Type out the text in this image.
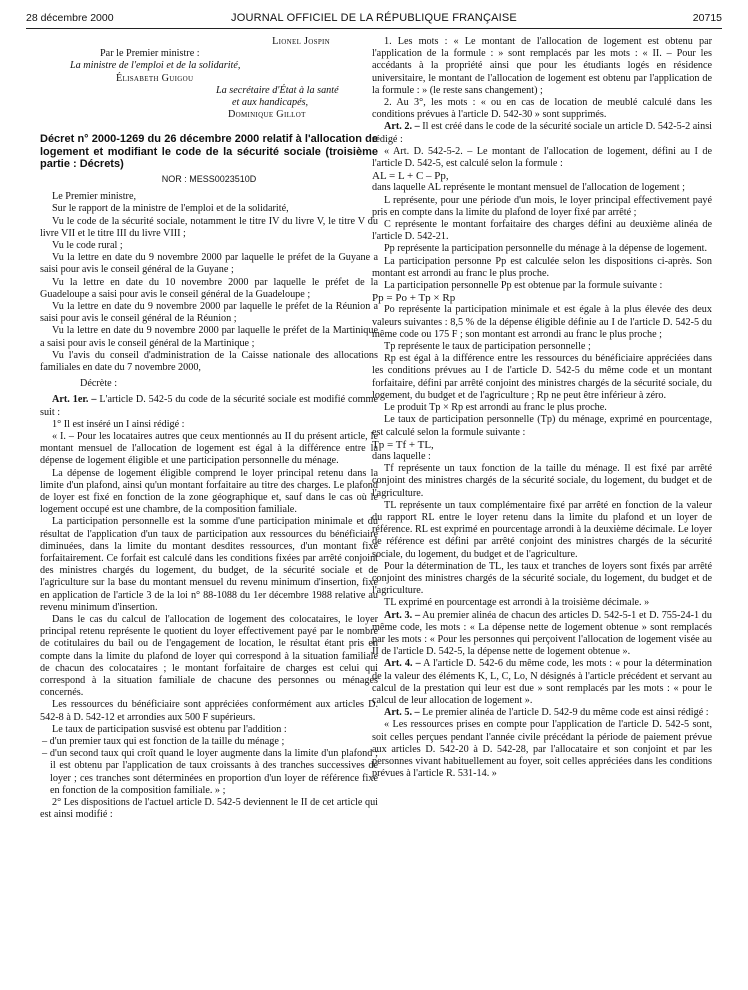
28 décembre 2000	JOURNAL OFFICIEL DE LA RÉPUBLIQUE FRANÇAISE	20715

Lionel Jospin

Par le Premier ministre :

La ministre de l'emploi et de la solidarité,

Élisabeth Guigou

La secrétaire d'État à la santé

et aux handicapés,

Dominique Gillot

Décret n° 2000-1269 du 26 décembre 2000 relatif à l'allocation de logement et modifiant le code de la sécurité sociale (troisième partie : Décrets)
NOR : MESS0023510D

Le Premier ministre,

Sur le rapport de la ministre de l'emploi et de la solidarité,

Vu le code de la sécurité sociale, notamment le titre IV du livre V, le titre V du livre VII et le titre III du livre VIII ;

Vu le code rural ;

Vu la lettre en date du 9 novembre 2000 par laquelle le préfet de la Guyane a saisi pour avis le conseil général de la Guyane ;

Vu la lettre en date du 10 novembre 2000 par laquelle le préfet de la Guadeloupe a saisi pour avis le conseil général de la Guadeloupe ;

Vu la lettre en date du 9 novembre 2000 par laquelle le préfet de la Réunion a saisi pour avis le conseil général de la Réunion ;

Vu la lettre en date du 9 novembre 2000 par laquelle le préfet de la Martinique a saisi pour avis le conseil général de la Martinique ;

Vu l'avis du conseil d'administration de la Caisse nationale des allocations familiales en date du 7 novembre 2000,

Décrète :

Art. 1er. – L'article D. 542-5 du code de la sécurité sociale est modifié comme suit :

1° Il est inséré un I ainsi rédigé :

« I. – Pour les locataires autres que ceux mentionnés au II du présent article, le montant mensuel de l'allocation de logement est égal à la différence entre la dépense de logement éligible et une participation personnelle du ménage.

La dépense de logement éligible comprend le loyer principal retenu dans la limite d'un plafond, ainsi qu'un montant forfaitaire au titre des charges. Le plafond de loyer est fixé en fonction de la zone géographique et, sauf dans le cas où le logement occupé est une chambre, de la composition familiale.

La participation personnelle est la somme d'une participation minimale et du résultat de l'application d'un taux de participation aux ressources du bénéficiaire diminuées, dans la limite du montant desdites ressources, d'un montant fixé forfaitairement. Ce forfait est calculé dans les conditions fixées par arrêté conjoint des ministres chargés du logement, du budget, de la sécurité sociale et de l'agriculture sur la base du montant mensuel du revenu minimum d'insertion, fixé en application de l'article 3 de la loi n° 88-1088 du 1er décembre 1988 relative au revenu minimum d'insertion.

Dans le cas du calcul de l'allocation de logement des colocataires, le loyer principal retenu représente le quotient du loyer effectivement payé par le nombre de cotitulaires du bail ou de l'engagement de location, le résultat étant pris en compte dans la limite du plafond de loyer qui correspond à la situation familiale de chacun des colocataires ; le montant forfaitaire de charges est celui qui correspond à la situation familiale de chacune des personnes ou ménages concernés.

Les ressources du bénéficiaire sont appréciées conformément aux articles D. 542-8 à D. 542-12 et arrondies aux 500 F supérieurs.

Le taux de participation susvisé est obtenu par l'addition :

– d'un premier taux qui est fonction de la taille du ménage ;

– d'un second taux qui croît quand le loyer augmente dans la limite d'un plafond ; il est obtenu par l'application de taux croissants à des tranches successives de loyer ; ces tranches sont déterminées en proportion d'un loyer de référence fixé en fonction de la composition familiale. » ;

2° Les dispositions de l'actuel article D. 542-5 deviennent le II de cet article qui est ainsi modifié :

1. Les mots : « Le montant de l'allocation de logement est obtenu par l'application de la formule : » sont remplacés par les mots : « II. – Pour les accédants à la propriété ainsi que pour les étudiants logés en résidence universitaire, le montant de l'allocation de logement est obtenu par l'application de la formule : » (le reste sans changement) ;

2. Au 3°, les mots : « ou en cas de location de meublé calculé dans les conditions prévues à l'article D. 542-30 » sont supprimés.

Art. 2. – Il est créé dans le code de la sécurité sociale un article D. 542-5-2 ainsi rédigé :

« Art. D. 542-5-2. – Le montant de l'allocation de logement, défini au I de l'article D. 542-5, est calculé selon la formule :

AL = L + C – Pp,

dans laquelle AL représente le montant mensuel de l'allocation de logement ;

L représente, pour une période d'un mois, le loyer principal effectivement payé pris en compte dans la limite du plafond de loyer fixé par arrêté ;

C représente le montant forfaitaire des charges défini au deuxième alinéa de l'article D. 542-21.

Pp représente la participation personnelle du ménage à la dépense de logement.

La participation personne Pp est calculée selon les dispositions ci-après. Son montant est arrondi au franc le plus proche.

La participation personnelle Pp est obtenue par la formule suivante :

Pp = Po + Tp × Rp

Po représente la participation minimale et est égale à la plus élevée des deux valeurs suivantes : 8,5 % de la dépense éligible définie au I de l'article D. 542-5 du même code ou 175 F ; son montant est arrondi au franc le plus proche ;

Tp représente le taux de participation personnelle ;

Rp est égal à la différence entre les ressources du bénéficiaire appréciées dans les conditions prévues au I de l'article D. 542-5 du même code et un montant forfaitaire, défini par arrêté conjoint des ministres chargés de la sécurité sociale, du logement, du budget et de l'agriculture ; Rp ne peut être inférieur à zéro.

Le produit Tp × Rp est arrondi au franc le plus proche.

Le taux de participation personnelle (Tp) du ménage, exprimé en pourcentage, est calculé selon la formule suivante :

Tp = Tf + TL,

dans laquelle :

Tf représente un taux fonction de la taille du ménage. Il est fixé par arrêté conjoint des ministres chargés de la sécurité sociale, du logement, du budget et de l'agriculture.

TL représente un taux complémentaire fixé par arrêté en fonction de la valeur du rapport RL entre le loyer retenu dans la limite du plafond et un loyer de référence. RL est exprimé en pourcentage arrondi à la deuxième décimale. Le loyer de référence est défini par arrêté conjoint des ministres chargés de la sécurité sociale, du logement, du budget et de l'agriculture.

Pour la détermination de TL, les taux et tranches de loyers sont fixés par arrêté conjoint des ministres chargés de la sécurité sociale, du logement, du budget et de l'agriculture.

TL exprimé en pourcentage est arrondi à la troisième décimale. »

Art. 3. – Au premier alinéa de chacun des articles D. 542-5-1 et D. 755-24-1 du même code, les mots : « La dépense nette de logement obtenue » sont remplacés par les mots : « Pour les personnes qui perçoivent l'allocation de logement visée au II de l'article D. 542-5, la dépense nette de logement obtenue ».

Art. 4. – A l'article D. 542-6 du même code, les mots : « pour la détermination de la valeur des éléments K, L, C, Lo, N désignés à l'article précédent et servant au calcul de la prestation qui leur est due » sont remplacés par les mots : « pour le calcul de leur allocation de logement ».

Art. 5. – Le premier alinéa de l'article D. 542-9 du même code est ainsi rédigé :

« Les ressources prises en compte pour l'application de l'article D. 542-5 sont, soit celles perçues pendant l'année civile précédant la période de paiement prévue aux articles D. 542-20 à D. 542-28, par l'allocataire et son conjoint et par les personnes vivant habituellement au foyer, soit celles appréciées dans les conditions prévues à l'article R. 531-14. »
